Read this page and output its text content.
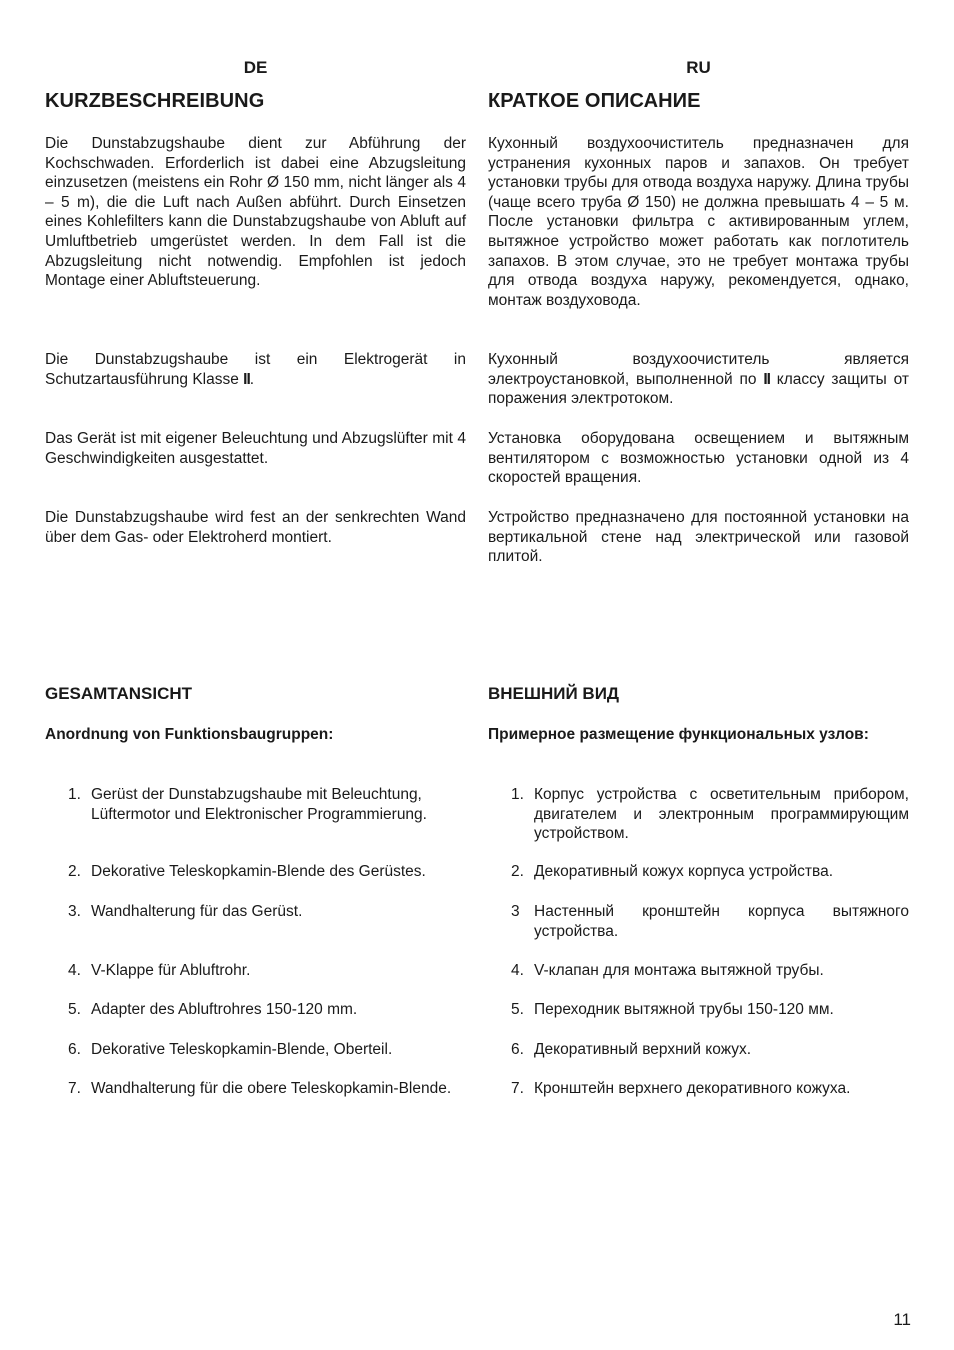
DE
KURZBESCHREIBUNG

Die Dunstabzugshaube dient zur Abführung der Kochschwaden. Erforderlich ist dabei eine Abzugsleitung einzusetzen (meistens ein Rohr Ø 150 mm, nicht länger als 4 – 5 m), die die Luft nach Außen abführt. Durch Einsetzen eines Kohlefilters kann die Dunstabzugshaube von Abluft auf Umluftbetrieb umgerüstet werden. In dem Fall ist die Abzugsleitung nicht notwendig. Empfohlen ist jedoch Montage einer Abluftsteuerung.

Die Dunstabzugshaube ist ein Elektrogerät in Schutzartausführung Klasse II.

Das Gerät ist mit eigener Beleuchtung und Abzugslüfter mit 4 Geschwindigkeiten ausgestattet.

Die Dunstabzugshaube wird fest an der senkrechten Wand über dem Gas- oder Elektroherd montiert.

GESAMTANSICHT
Anordnung von Funktionsbaugruppen:
1. Gerüst der Dunstabzugshaube mit Beleuchtung, Lüftermotor und Elektronischer Programmierung.
2. Dekorative Teleskopkamin-Blende des Gerüstes.
3. Wandhalterung für das Gerüst.
4. V-Klappe für Abluftrohr.
5. Adapter des Abluftrohres 150-120 mm.
6. Dekorative Teleskopkamin-Blende, Oberteil.
7. Wandhalterung für die obere Teleskopkamin-Blende.
RU
КРАТКОЕ ОПИСАНИЕ

Кухонный воздухоочиститель предназначен для устранения кухонных паров и запахов. Он требует установки трубы для отвода воздуха наружу. Длина трубы (чаще всего труба Ø 150) не должна превышать 4 – 5 м. После установки фильтра с активированным углем, вытяжное устройство может работать как поглотитель запахов. В этом случае, это не требует монтажа трубы для отвода воздуха наружу, рекомендуется, однако, монтаж воздуховода.

Кухонный воздухоочиститель является электроустановкой, выполненной по II классу защиты от поражения электротоком.

Установка оборудована освещением и вытяжным вентилятором с возможностью установки одной из 4 скоростей вращения.

Устройство предназначено для постоянной установки на вертикальной стене над электрической или газовой плитой.

ВНЕШНИЙ ВИД
Примерное размещение функциональных узлов:
1. Корпус устройства с осветительным прибором, двигателем и электронным программирующим устройством.
2. Декоративный кожух корпуса устройства.
3 Настенный кронштейн корпуса вытяжного устройства.
4. V-клапан для монтажа вытяжной трубы.
5. Переходник вытяжной трубы 150-120 мм.
6. Декоративный верхний кожух.
7. Кронштейн верхнего декоративного кожуха.
11
